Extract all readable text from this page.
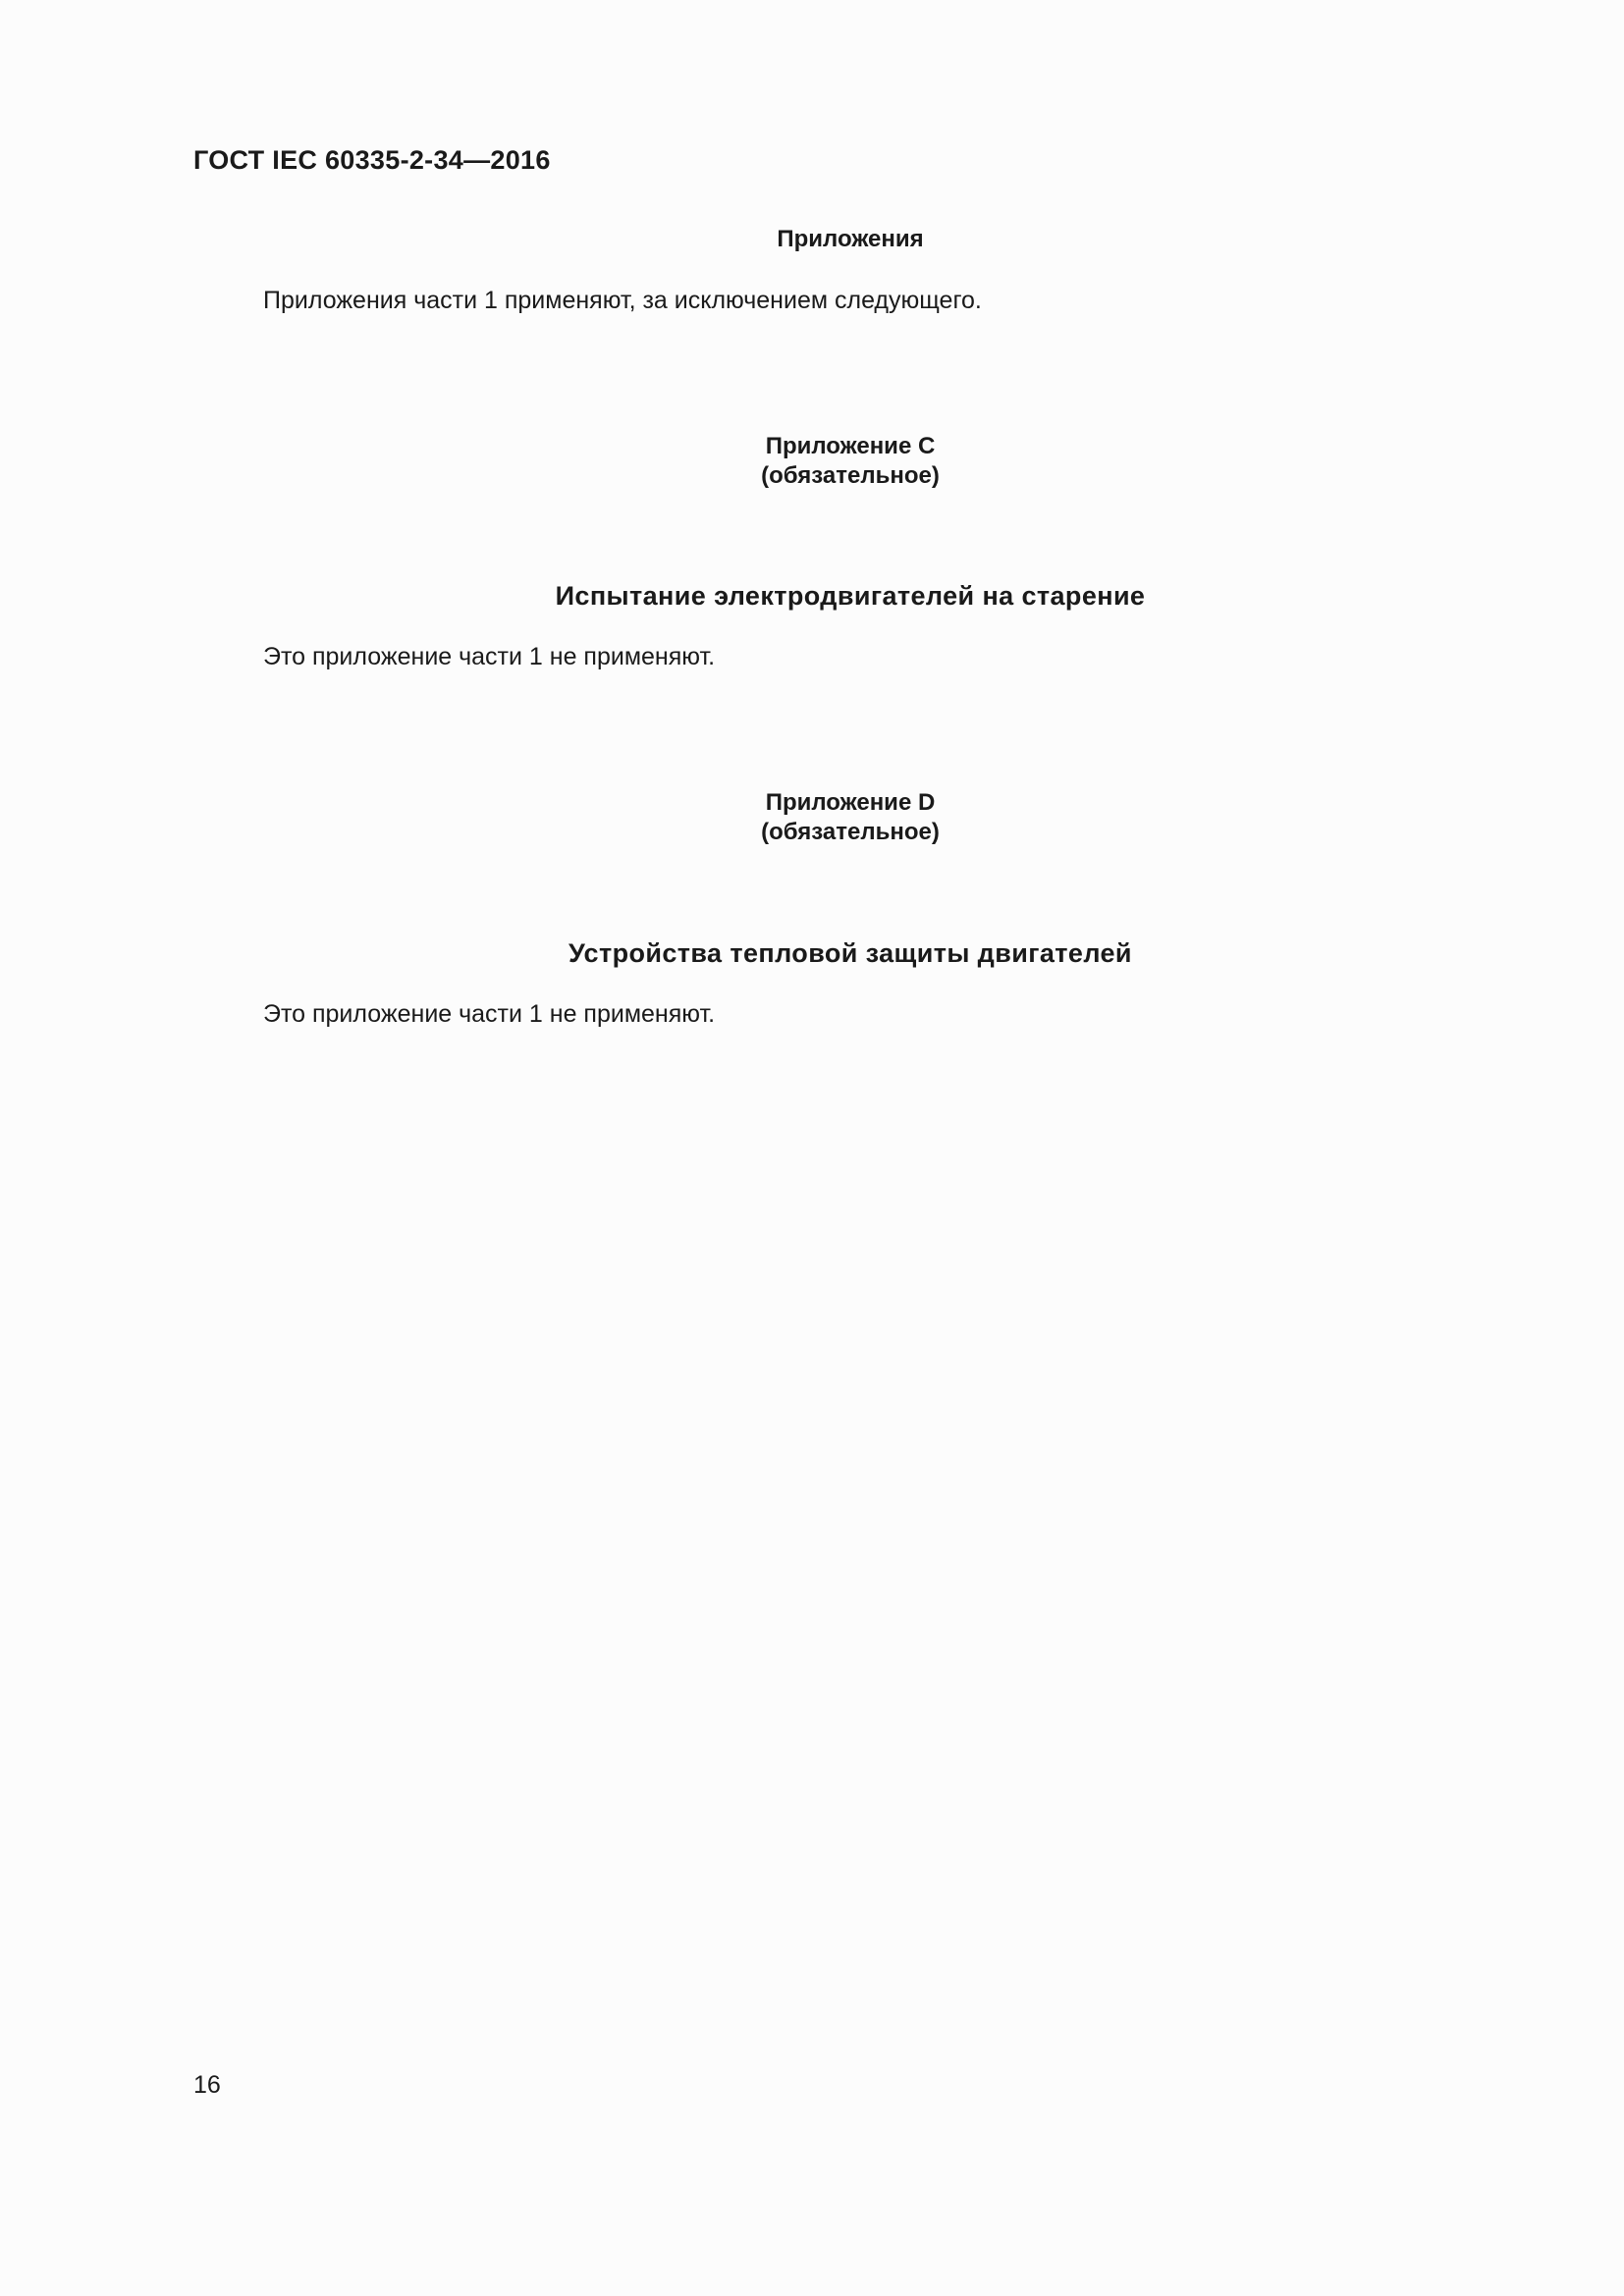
ГОСТ IEC 60335-2-34—2016
Приложения
Приложения части 1 применяют, за исключением следующего.
Приложение C
(обязательное)
Испытание электродвигателей на старение
Это приложение части 1 не применяют.
Приложение D
(обязательное)
Устройства тепловой защиты двигателей
Это приложение части 1 не применяют.
16
